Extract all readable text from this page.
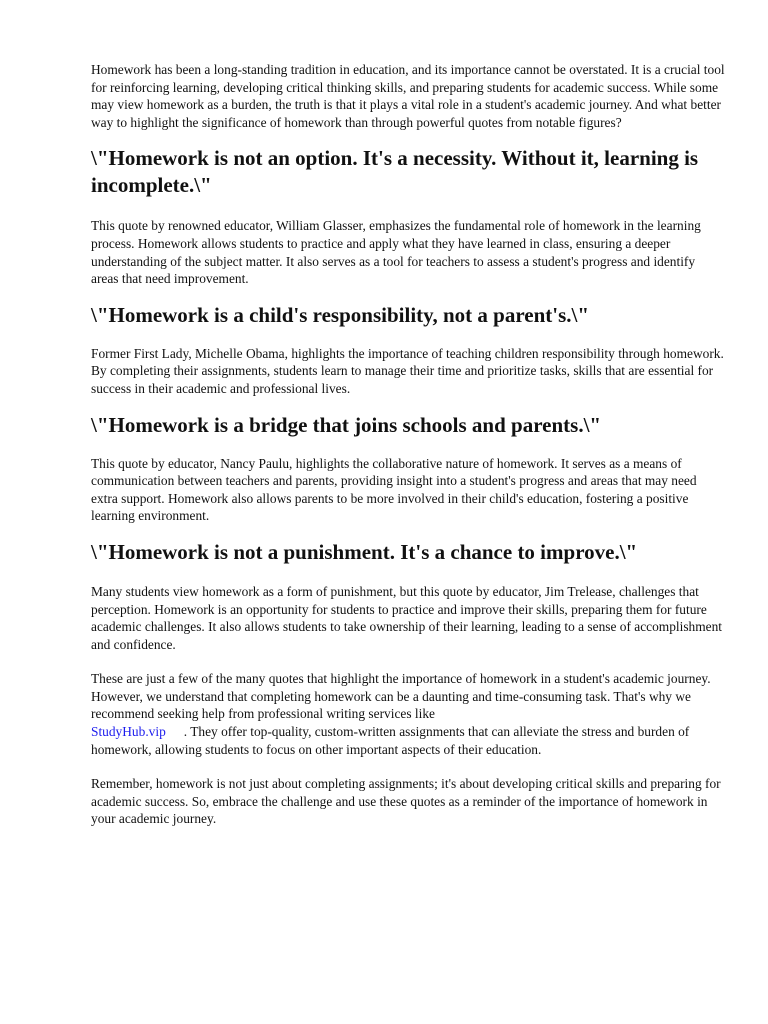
Homework has been a long-standing tradition in education, and its importance cannot be overstated. It is a crucial tool for reinforcing learning, developing critical thinking skills, and preparing students for academic success. While some may view homework as a burden, the truth is that it plays a vital role in a student's academic journey. And what better way to highlight the significance of homework than through powerful quotes from notable figures?

\"Homework is not an option. It's a necessity. Without it, learning is incomplete.\"

This quote by renowned educator, William Glasser, emphasizes the fundamental role of homework in the learning process. Homework allows students to practice and apply what they have learned in class, ensuring a deeper understanding of the subject matter. It also serves as a tool for teachers to assess a student's progress and identify areas that need improvement.

\"Homework is a child's responsibility, not a parent's.\"

Former First Lady, Michelle Obama, highlights the importance of teaching children responsibility through homework. By completing their assignments, students learn to manage their time and prioritize tasks, skills that are essential for success in their academic and professional lives.

\"Homework is a bridge that joins schools and parents.\"

This quote by educator, Nancy Paulu, highlights the collaborative nature of homework. It serves as a means of communication between teachers and parents, providing insight into a student's progress and areas that may need extra support. Homework also allows parents to be more involved in their child's education, fostering a positive learning environment.

\"Homework is not a punishment. It's a chance to improve.\"

Many students view homework as a form of punishment, but this quote by educator, Jim Trelease, challenges that perception. Homework is an opportunity for students to practice and improve their skills, preparing them for future academic challenges. It also allows students to take ownership of their learning, leading to a sense of accomplishment and confidence.

These are just a few of the many quotes that highlight the importance of homework in a student's academic journey. However, we understand that completing homework can be a daunting and time-consuming task. That's why we recommend seeking help from professional writing services like
StudyHub.vip . They offer top-quality, custom-written assignments that can alleviate the stress and burden of homework, allowing students to focus on other important aspects of their education.

Remember, homework is not just about completing assignments; it's about developing critical skills and preparing for academic success. So, embrace the challenge and use these quotes as a reminder of the importance of homework in your academic journey.
